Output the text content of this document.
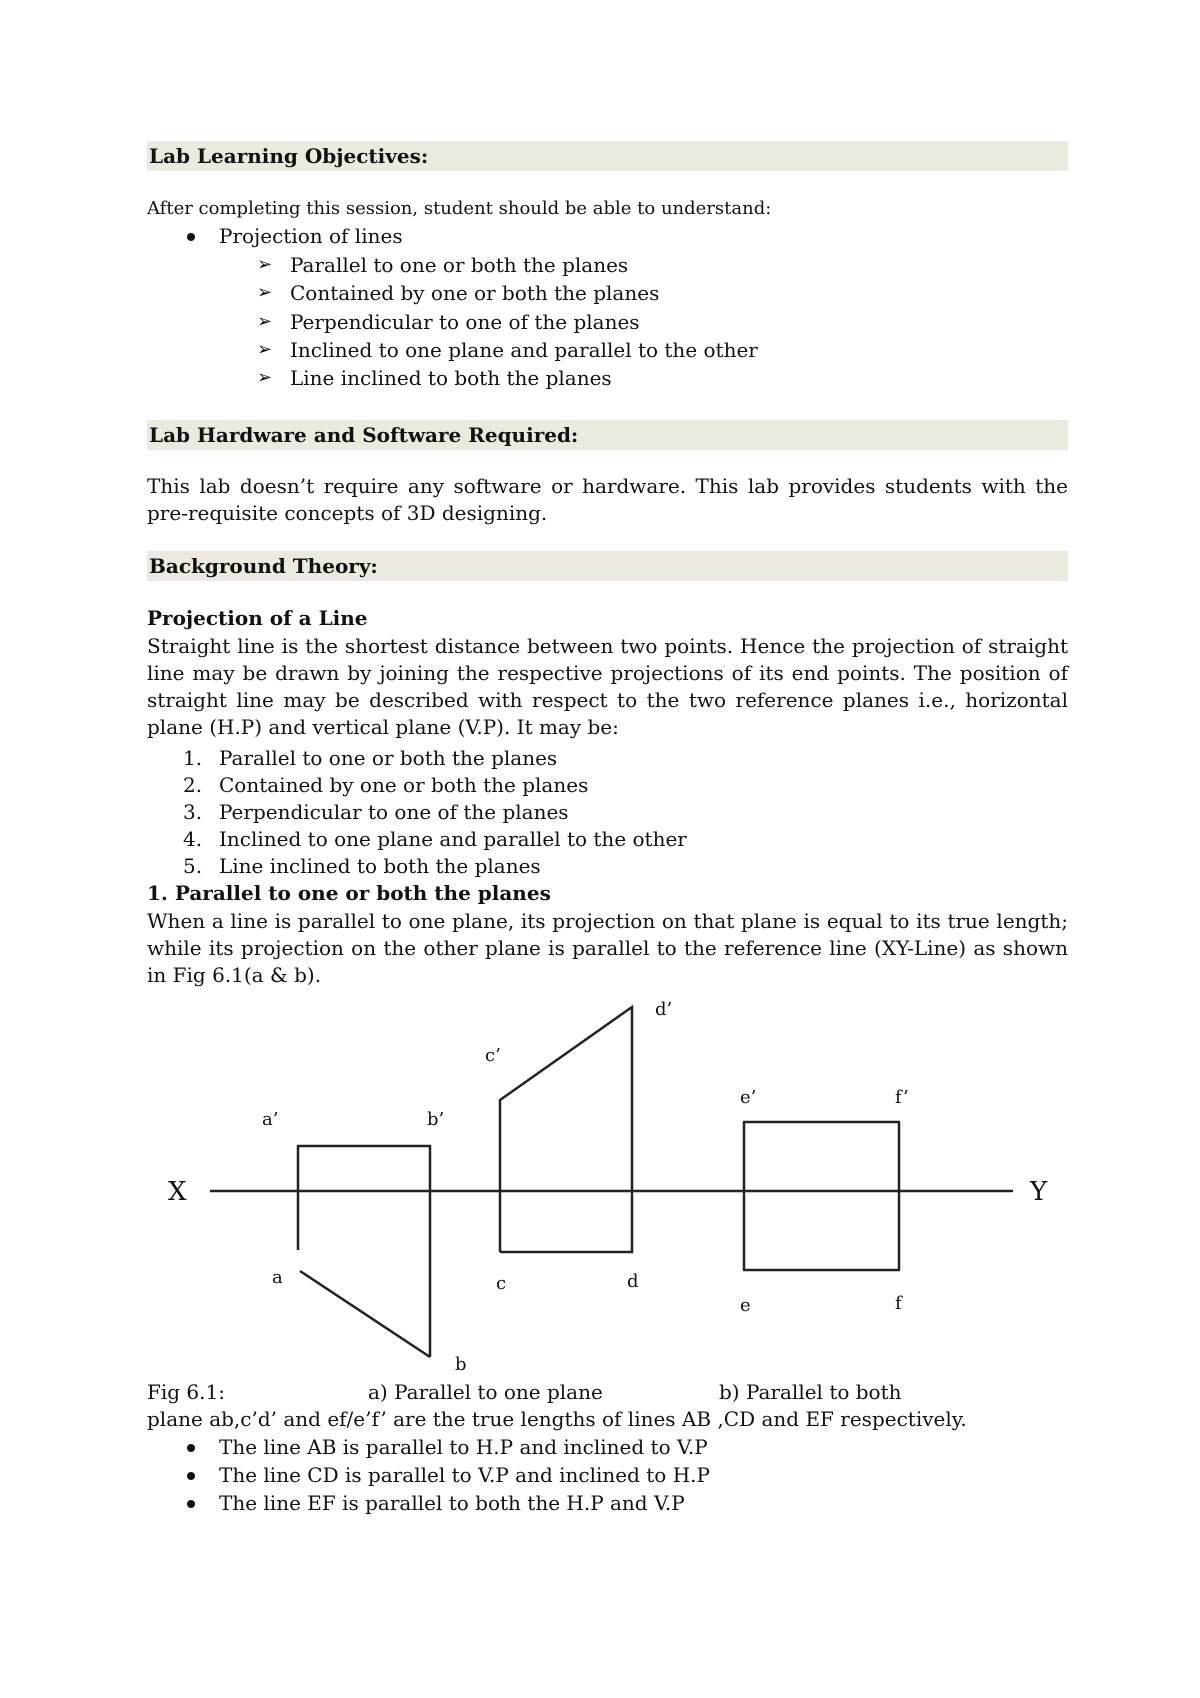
Lab Learning Objectives:
After completing this session, student should be able to understand:
Projection of lines
➢ Parallel to one or both the planes
➢ Contained by one or both the planes
➢ Perpendicular to one of the planes
➢ Inclined to one plane and parallel to the other
➢ Line inclined to both the planes
Lab Hardware and Software Required:
This lab doesn’t require any software or hardware. This lab provides students with the pre-requisite concepts of 3D designing.
Background Theory:
Projection of a Line
Straight line is the shortest distance between two points. Hence the projection of straight line may be drawn by joining the respective projections of its end points. The position of straight line may be described with respect to the two reference planes i.e., horizontal plane (H.P) and vertical plane (V.P). It may be:
1. Parallel to one or both the planes
2. Contained by one or both the planes
3. Perpendicular to one of the planes
4. Inclined to one plane and parallel to the other
5. Line inclined to both the planes
1. Parallel to one or both the planes
When a line is parallel to one plane, its projection on that plane is equal to its true length; while its projection on the other plane is parallel to the reference line (XY-Line) as shown in Fig 6.1(a & b).
X	Y
a’	b’
a
b
c’
d’
c	d
e’	f’
e	f
Fig 6.1:	a) Parallel to one plane	b) Parallel to both
plane ab,c’d’ and ef/e’f’ are the true lengths of lines AB ,CD and EF respectively.
The line AB is parallel to H.P and inclined to V.P
The line CD is parallel to V.P and inclined to H.P
The line EF is parallel to both the H.P and V.P
